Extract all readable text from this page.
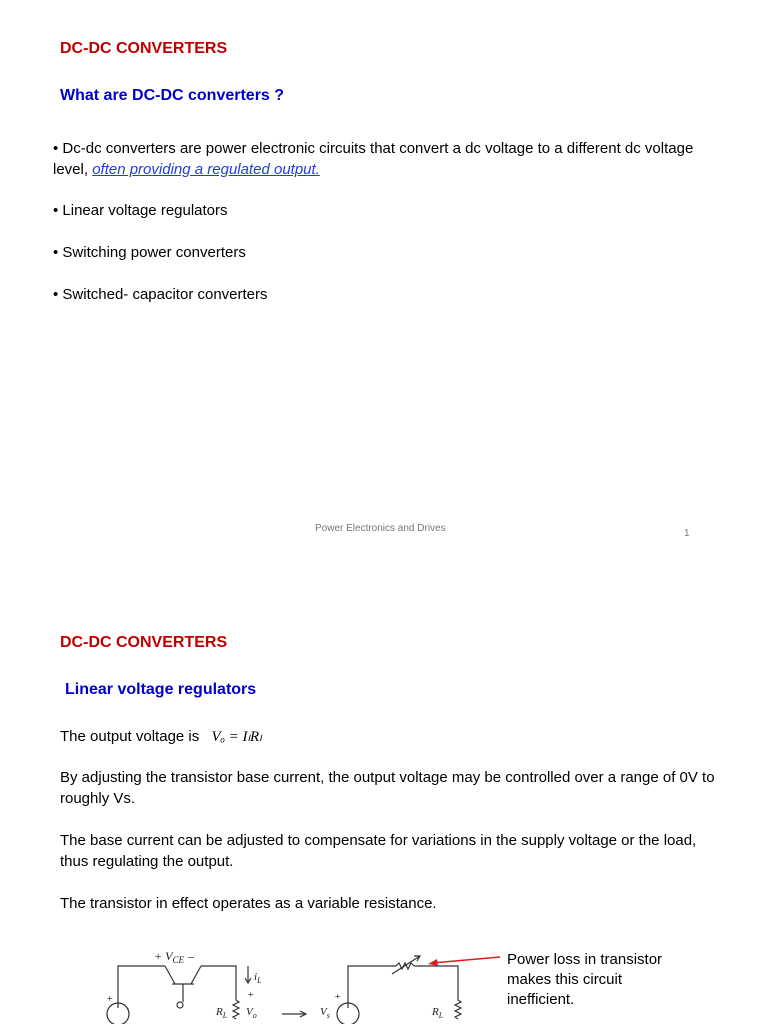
DC-DC CONVERTERS
What are DC-DC converters ?
• Dc-dc converters are power electronic circuits that convert a dc voltage to a different dc voltage level, often providing a regulated output.
• Linear voltage regulators
• Switching power converters
• Switched- capacitor converters
Power Electronics and Drives	1
DC-DC CONVERTERS
Linear voltage regulators
The output voltage is Vₒ = IₗRₗ
By adjusting the transistor base current, the output voltage may be controlled over a range of 0V to roughly Vs.
The base current can be adjusted to compensate for variations in the supply voltage or the load, thus regulating the output.
The transistor in effect operates as a variable resistance.
+ $V_{CE}$ –
$i_L$
+	+
$R_L$ $V_o$	$V_s$
+
$R_L$
Power loss in transistor
makes this circuit
inefficient.
